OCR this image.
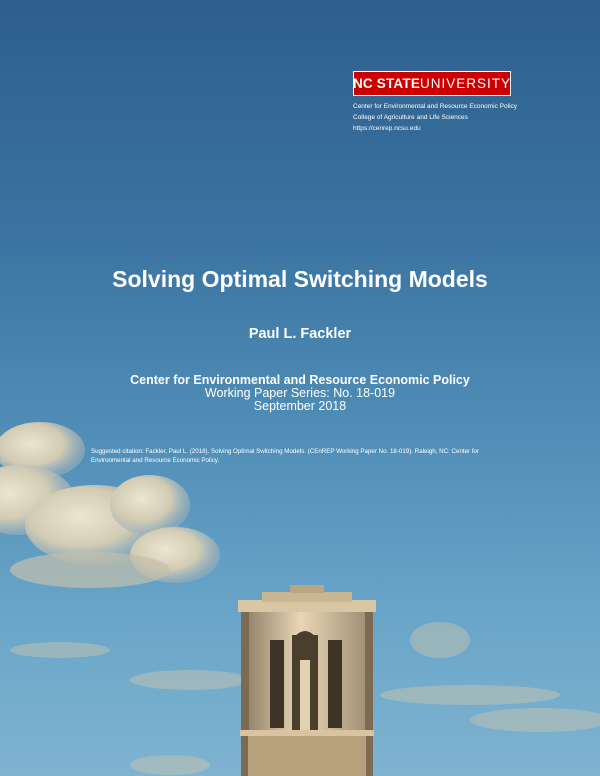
NC STATE UNIVERSITY
Center for Environmental and Resource Economic Policy
College of Agriculture and Life Sciences
https://cenrep.ncsu.edu
Solving Optimal Switching Models
Paul L. Fackler
Center for Environmental and Resource Economic Policy
Working Paper Series: No. 18-019
September 2018
Suggested citation: Fackler, Paul L. (2018). Solving Optimal Switching Models. (CEnREP Working Paper No. 18-019). Raleigh, NC: Center for Environmental and Resource Economic Policy.
